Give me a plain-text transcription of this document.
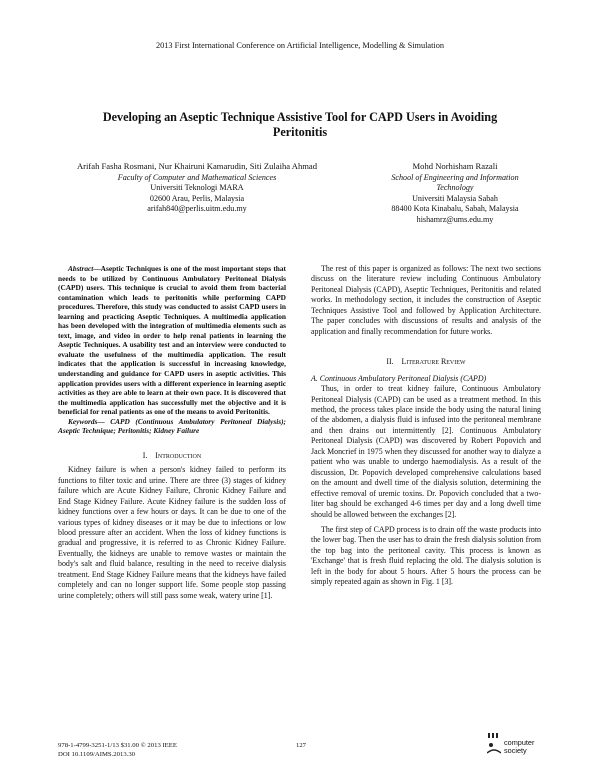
2013 First International Conference on Artificial Intelligence, Modelling & Simulation
Developing an Aseptic Technique Assistive Tool for CAPD Users in Avoiding
Peritonitis
Arifah Fasha Rosmani, Nur Khairuni Kamarudin, Siti Zulaiha Ahmad
Faculty of Computer and Mathematical Sciences
Universiti Teknologi MARA
02600 Arau, Perlis, Malaysia
arifah840@perlis.uitm.edu.my
Mohd Norhisham Razali
School of Engineering and Information
Technology
Universiti Malaysia Sabah
88400 Kota Kinabalu, Sabah, Malaysia
hishamrz@ums.edu.my

Abstract—Aseptic Techniques is one of the most important steps that needs to be utilized by Continuous Ambulatory Peritoneal Dialysis (CAPD) users. This technique is crucial to avoid them from bacterial contamination which leads to peritonitis while performing CAPD procedures. Therefore, this study was conducted to assist CAPD users in learning and practicing Aseptic Techniques. A multimedia application has been developed with the integration of multimedia elements such as text, image, and video in order to help renal patients in learning the Aseptic Techniques. A usability test and an interview were conducted to evaluate the usefulness of the multimedia application. The result indicates that the application is successful in increasing knowledge, understanding and guidance for CAPD users in aseptic activities. This application provides users with a different experience in learning aseptic activities as they are able to learn at their own pace. It is discovered that the multimedia application has successfully met the objective and it is beneficial for renal patients as one of the means to avoid Peritonitis.

Keywords— CAPD (Continuous Ambulatory Peritoneal Dialysis); Aseptic Technique; Peritonitis; Kidney Failure

I. Introduction

Kidney failure is when a person's kidney failed to perform its functions to filter toxic and urine. There are three (3) stages of kidney failure which are Acute Kidney Failure, Chronic Kidney Failure and End Stage Kidney Failure. Acute Kidney failure is the sudden loss of kidney functions over a few hours or days. It can be due to one of the various types of kidney diseases or it may be due to infections or low blood pressure after an accident. When the loss of kidney functions is gradual and progressive, it is referred to as Chronic Kidney Failure. Eventually, the kidneys are unable to remove wastes or maintain the body's salt and fluid balance, resulting in the need to receive dialysis treatment. End Stage Kidney Failure means that the kidneys have failed completely and can no longer support life. Some people stop passing urine completely; others will still pass some weak, watery urine [1].

The rest of this paper is organized as follows: The next two sections discuss on the literature review including Continuous Ambulatory Peritoneal Dialysis (CAPD), Aseptic Techniques, Peritonitis and related works. In methodology section, it includes the construction of Aseptic Techniques Assistive Tool and followed by Application Architecture. The paper concludes with discussions of results and analysis of the application and finally recommendation for future works.

II. Literature Review

A. Continuous Ambulatory Peritoneal Dialysis (CAPD)

Thus, in order to treat kidney failure, Continuous Ambulatory Peritoneal Dialysis (CAPD) can be used as a treatment method. In this method, the process takes place inside the body using the natural lining of the abdomen, a dialysis fluid is infused into the peritoneal membrane and then drains out intermittently [2]. Continuous Ambulatory Peritoneal Dialysis (CAPD) was discovered by Robert Popovich and Jack Moncrief in 1975 when they discussed for another way to dialyze a patient who was unable to undergo haemodialysis. As a result of the discussion, Dr. Popovich developed comprehensive calculations based on the amount and dwell time of the dialysis solution, determining the effective removal of uremic toxins. Dr. Popovich concluded that a two-liter bag should be exchanged 4-6 times per day and a long dwell time should be allowed between the exchanges [2].

The first step of CAPD process is to drain off the waste products into the lower bag. Then the user has to drain the fresh dialysis solution from the top bag into the peritoneal cavity. This process is known as 'Exchange' that is fresh fluid replacing the old. The dialysis solution is left in the body for about 5 hours. After 5 hours the process can be simply repeated again as shown in Fig. 1 [3].

978-1-4799-3251-1/13 $31.00 © 2013 IEEE
DOI 10.1109/AIMS.2013.30
127	computer
society
